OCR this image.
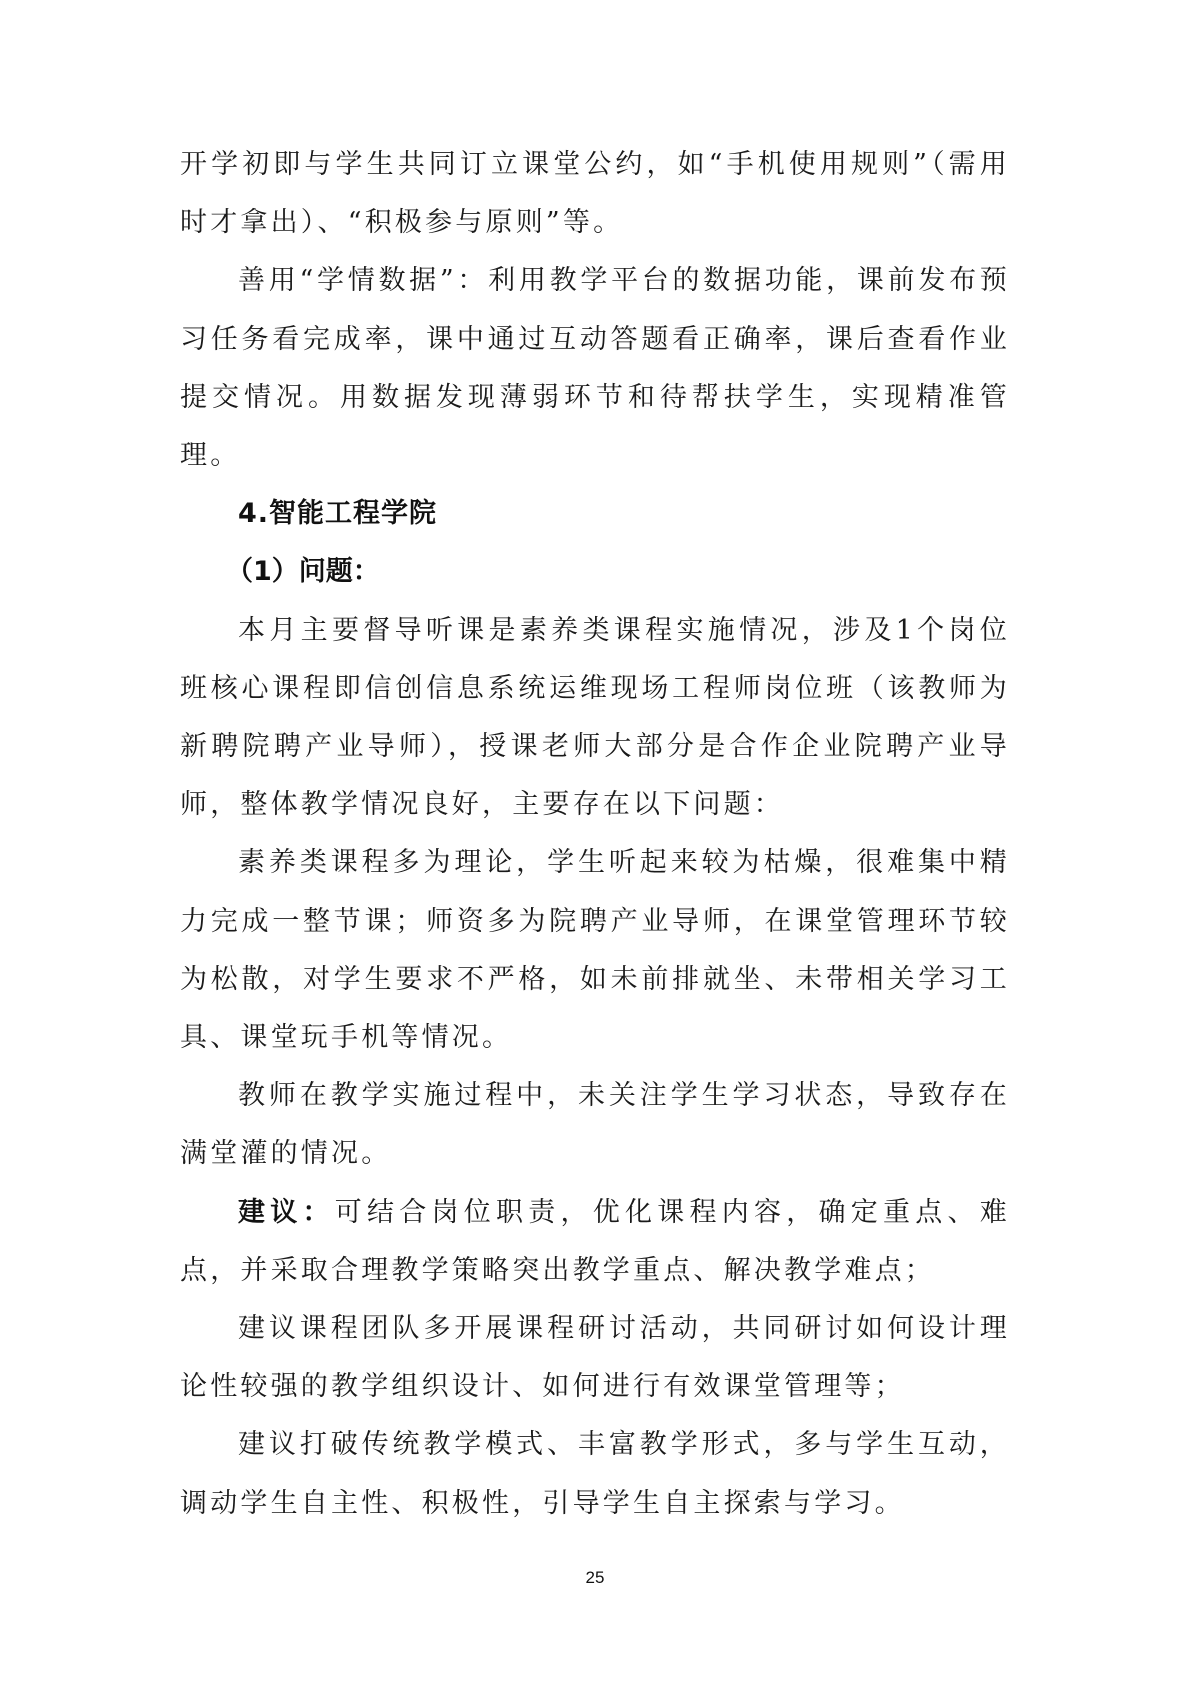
开学初即与学生共同订立课堂公约，如“手机使用规则”（需用时才拿出）、“积极参与原则”等。

善用“学情数据”：利用教学平台的数据功能，课前发布预习任务看完成率，课中通过互动答题看正确率，课后查看作业提交情况。用数据发现薄弱环节和待帮扶学生，实现精准管理。

4.智能工程学院

（1）问题：

本月主要督导听课是素养类课程实施情况，涉及1个岗位班核心课程即信创信息系统运维现场工程师岗位班（该教师为新聘院聘产业导师），授课老师大部分是合作企业院聘产业导师，整体教学情况良好，主要存在以下问题：

素养类课程多为理论，学生听起来较为枯燥，很难集中精力完成一整节课；师资多为院聘产业导师，在课堂管理环节较为松散，对学生要求不严格，如未前排就坐、未带相关学习工具、课堂玩手机等情况。

教师在教学实施过程中，未关注学生学习状态，导致存在满堂灌的情况。

建议：可结合岗位职责，优化课程内容，确定重点、难点，并采取合理教学策略突出教学重点、解决教学难点；

建议课程团队多开展课程研讨活动，共同研讨如何设计理论性较强的教学组织设计、如何进行有效课堂管理等；

建议打破传统教学模式、丰富教学形式，多与学生互动，调动学生自主性、积极性，引导学生自主探索与学习。

25
